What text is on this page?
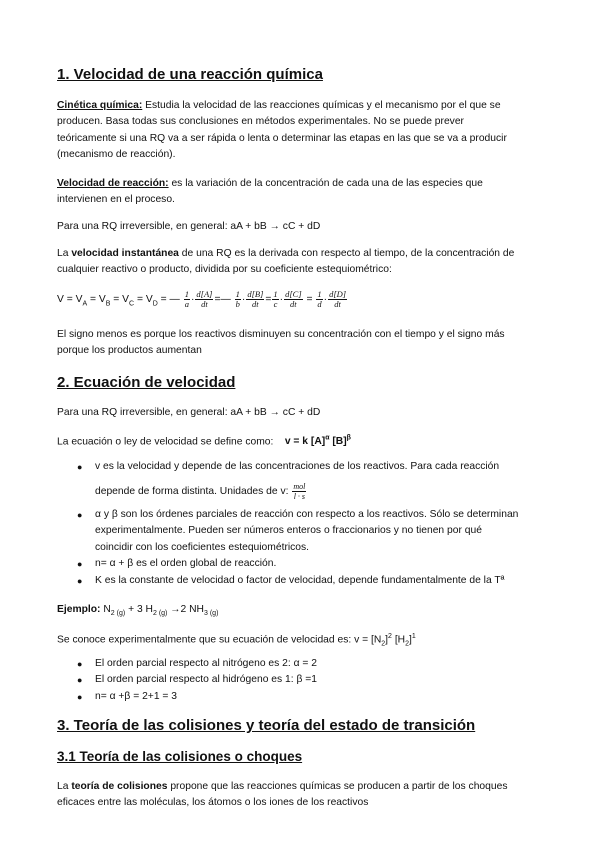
1. Velocidad de una reacción química
Cinética química: Estudia la velocidad de las reacciones químicas y el mecanismo por el que se
producen. Basa todas sus conclusiones en métodos experimentales. No se puede prever
teóricamente si una RQ va a ser rápida o lenta o determinar las etapas en las que se va a producir
(mecanismo de reacción).
Velocidad de reacción: es la variación de la concentración de cada una de las especies que
intervienen en el proceso.
Para una RQ irreversible, en general: aA + bB → cC + dD
La velocidad instantánea de una RQ es la derivada con respecto al tiempo, de la concentración de
cualquier reactivo o producto, dividida por su coeficiente estequiométrico:
$V = V_A = V_B = V_C = V_D$ = — $\frac{1}{a} \cdot \frac{d[A]}{dt}$ =— $\frac{1}{b} \cdot \frac{d[B]}{dt} = \frac{1}{c} \cdot \frac{d[C]}{dt} = \frac{1}{d} \cdot \frac{d[D]}{dt}$
El signo menos es porque los reactivos disminuyen su concentración con el tiempo y el signo más
porque los productos aumentan
2. Ecuación de velocidad
Para una RQ irreversible, en general: aA + bB → cC + dD
La ecuación o ley de velocidad se define como: v = k $[A]^\alpha$ $[B]^\beta$
● v es la velocidad y depende de las concentraciones de los reactivos. Para cada reacción
depende de forma distinta. Unidades de v: $\frac{\text{mol}}{l \cdot s}$
● α y β son los órdenes parciales de reacción con respecto a los reactivos. Sólo se determinan
experimentalmente. Pueden ser números enteros o fraccionarios y no tienen por qué
coincidir con los coeficientes estequiométricos.
● n= α + β es el orden global de reacción.
● K es la constante de velocidad o factor de velocidad, depende fundamentalmente de la Tª
Ejemplo: $N_2$ $_{(g)}$ + 3 $H_2$ $_{(g)}$ →2 $NH_3$ $_{(g)}$
Se conoce experimentalmente que su ecuación de velocidad es: $v = [N_2]^2$ $[H_2]^1$
● El orden parcial respecto al nitrógeno es 2: α = 2
● El orden parcial respecto al hidrógeno es 1: β =1
● n= α +β = 2+1 = 3
3. Teoría de las colisiones y teoría del estado de transición
3.1 Teoría de las colisiones o choques
La teoría de colisiones propone que las reacciones químicas se producen a partir de los choques
eficaces entre las moléculas, los átomos o los iones de los reactivos
